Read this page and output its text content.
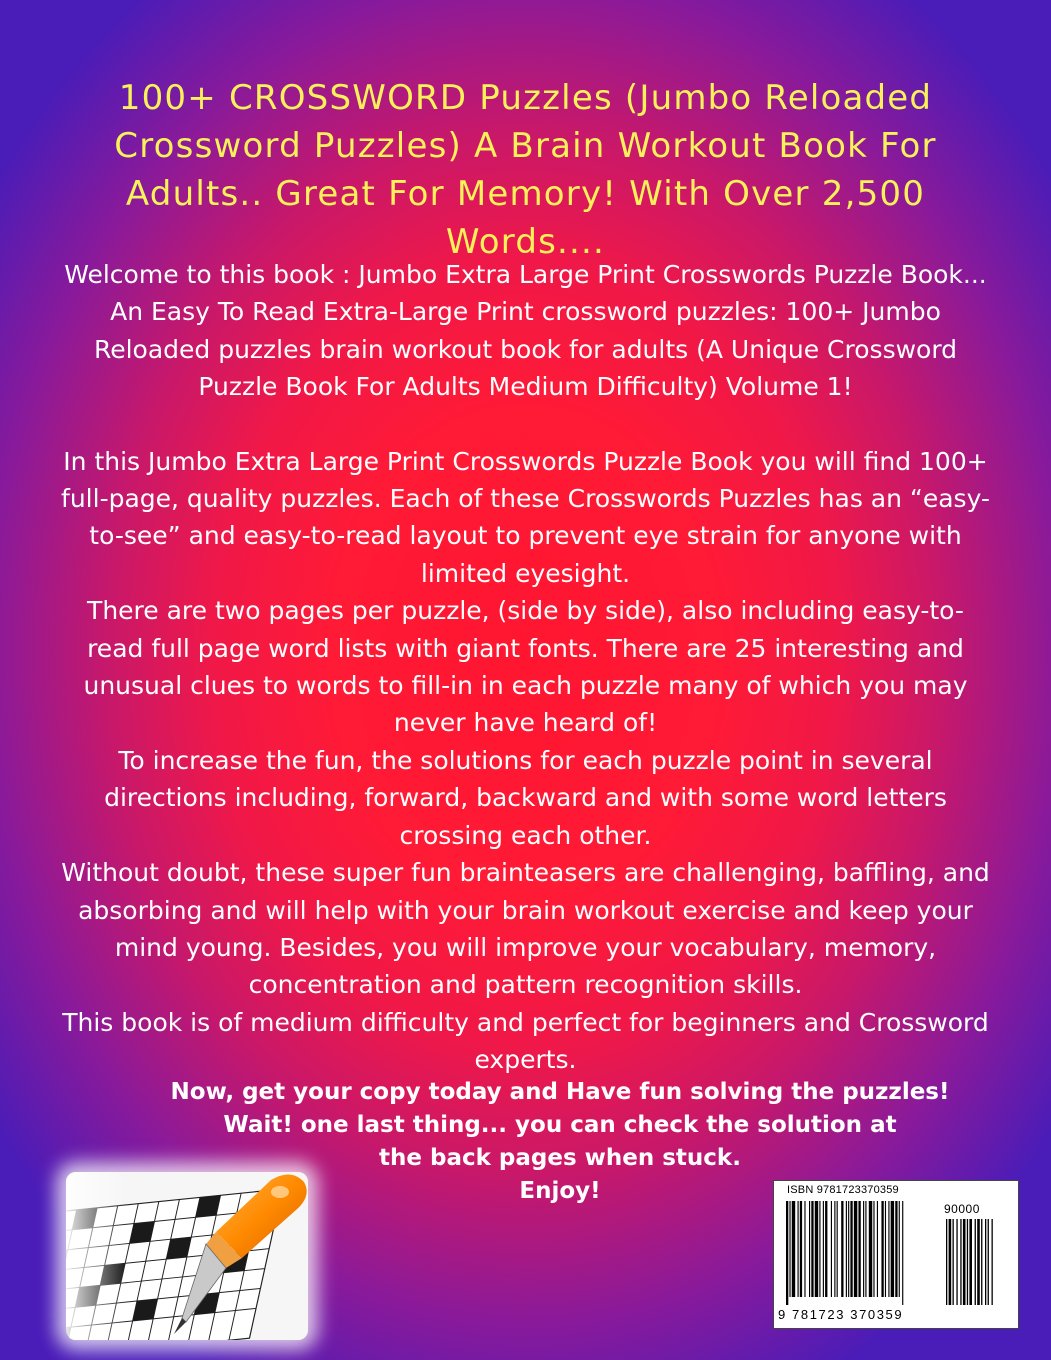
100+ CROSSWORD Puzzles (Jumbo Reloaded Crossword Puzzles) A Brain Workout Book For Adults.. Great For Memory! With Over 2,500 Words....

Welcome to this book : Jumbo Extra Large Print Crosswords Puzzle Book... An Easy To Read Extra-Large Print crossword puzzles: 100+ Jumbo Reloaded puzzles brain workout book for adults (A Unique Crossword Puzzle Book For Adults Medium Difficulty) Volume 1!

In this Jumbo Extra Large Print Crosswords Puzzle Book you will find 100+ full-page, quality puzzles. Each of these Crosswords Puzzles has an “easy-to-see” and easy-to-read layout to prevent eye strain for anyone with limited eyesight.

There are two pages per puzzle, (side by side), also including easy-to-read full page word lists with giant fonts. There are 25 interesting and unusual clues to words to fill-in in each puzzle many of which you may never have heard of!

To increase the fun, the solutions for each puzzle point in several directions including, forward, backward and with some word letters crossing each other.

Without doubt, these super fun brainteasers are challenging, baffling, and absorbing and will help with your brain workout exercise and keep your mind young. Besides, you will improve your vocabulary, memory, concentration and pattern recognition skills.

This book is of medium difficulty and perfect for beginners and Crossword experts.

Now, get your copy today and Have fun solving the puzzles!

Wait! one last thing... you can check the solution at

the back pages when stuck.

Enjoy!	ISBN 9781723370359
90000
9 781723 370359
